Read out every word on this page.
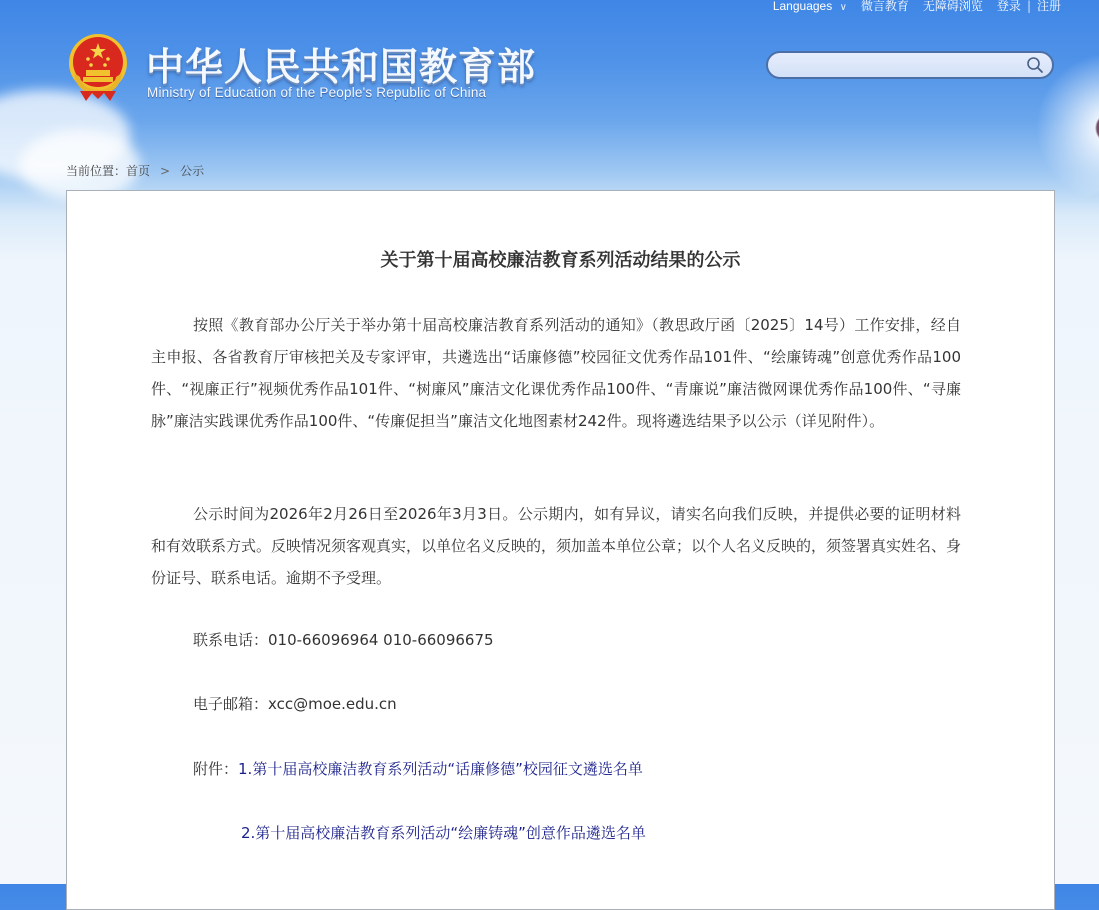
Languages ∨ 微言教育 无障碍浏览 登录 | 注册
中华人民共和国教育部
Ministry of Education of the People's Republic of China
当前位置：首页 > 公示
关于第十届高校廉洁教育系列活动结果的公示
按照《教育部办公厅关于举办第十届高校廉洁教育系列活动的通知》（教思政厅函〔2025〕14号）工作安排，经自主申报、各省教育厅审核把关及专家评审，共遴选出“话廉修德”校园征文优秀作品101件、“绘廉铸魂”创意优秀作品100件、“视廉正行”视频优秀作品101件、“树廉风”廉洁文化课优秀作品100件、“青廉说”廉洁微网课优秀作品100件、“寻廉脉”廉洁实践课优秀作品100件、“传廉促担当”廉洁文化地图素材242件。现将遴选结果予以公示（详见附件）。
公示时间为2026年2月26日至2026年3月3日。公示期内，如有异议，请实名向我们反映，并提供必要的证明材料和有效联系方式。反映情况须客观真实，以单位名义反映的，须加盖本单位公章；以个人名义反映的，须签署真实姓名、身份证号、联系电话。逾期不予受理。
联系电话：010-66096964 010-66096675
电子邮箱：xcc@moe.edu.cn
附件：1.第十届高校廉洁教育系列活动“话廉修德”校园征文遴选名单
2.第十届高校廉洁教育系列活动“绘廉铸魂”创意作品遴选名单
